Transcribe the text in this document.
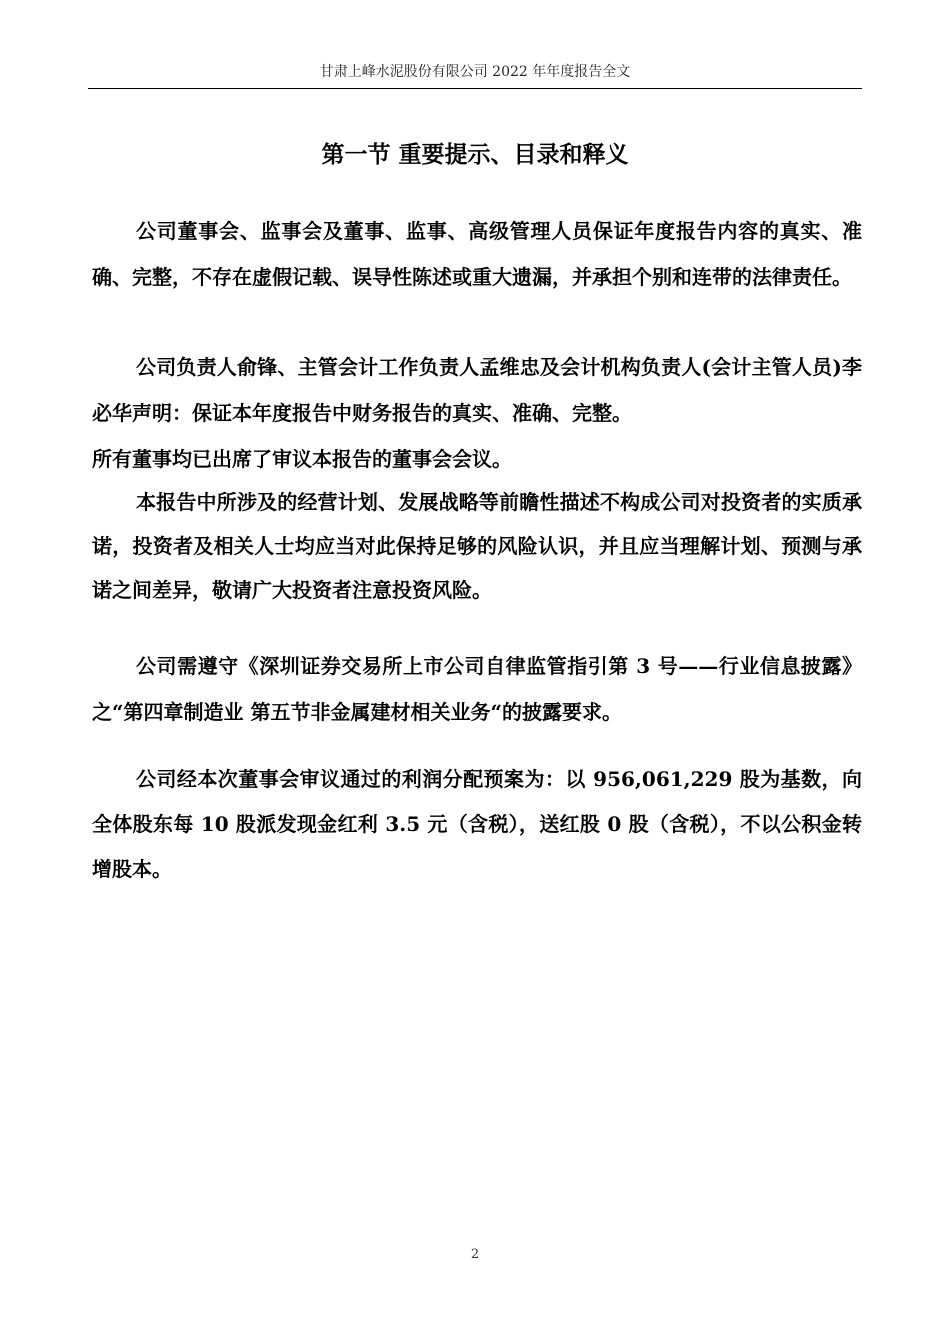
甘肃上峰水泥股份有限公司 2022 年年度报告全文
第一节 重要提示、目录和释义

公司董事会、监事会及董事、监事、高级管理人员保证年度报告内容的真实、准确、完整，不存在虚假记载、误导性陈述或重大遗漏，并承担个别和连带的法律责任。

公司负责人俞锋、主管会计工作负责人孟维忠及会计机构负责人(会计主管人员)李必华声明：保证本年度报告中财务报告的真实、准确、完整。
所有董事均已出席了审议本报告的董事会会议。

本报告中所涉及的经营计划、发展战略等前瞻性描述不构成公司对投资者的实质承诺，投资者及相关人士均应当对此保持足够的风险认识，并且应当理解计划、预测与承诺之间差异，敬请广大投资者注意投资风险。

公司需遵守《深圳证券交易所上市公司自律监管指引第 3 号——行业信息披露》之“第四章制造业 第五节非金属建材相关业务“的披露要求。

公司经本次董事会审议通过的利润分配预案为：以 956,061,229 股为基数，向全体股东每 10 股派发现金红利 3.5 元（含税），送红股 0 股（含税），不以公积金转增股本。

2
